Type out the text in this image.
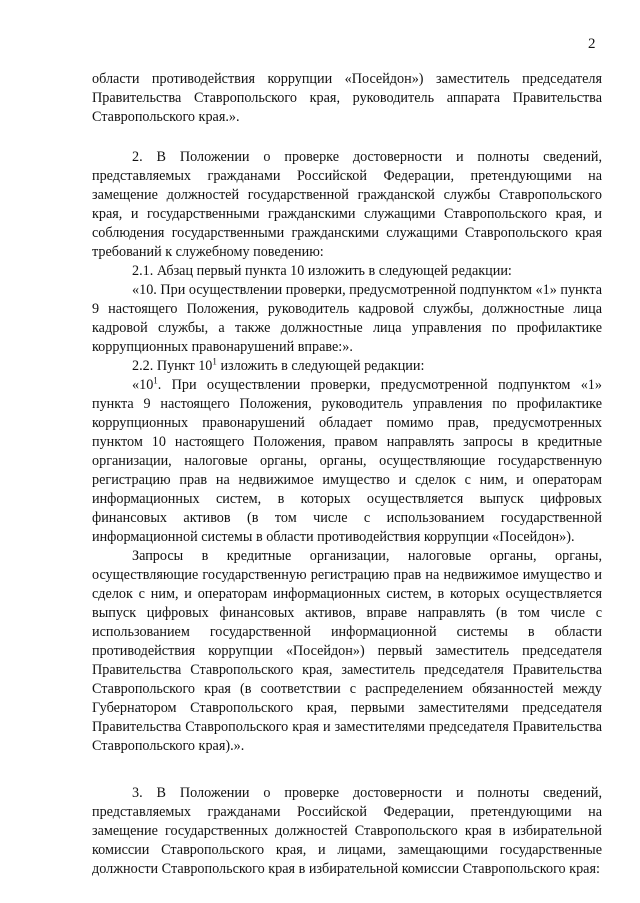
2

области противодействия коррупции «Посейдон») заместитель председателя Правительства Ставропольского края, руководитель аппарата Правительства Ставропольского края.».

2. В Положении о проверке достоверности и полноты сведений, представляемых гражданами Российской Федерации, претендующими на замещение должностей государственной гражданской службы Ставропольского края, и государственными гражданскими служащими Ставропольского края, и соблюдения государственными гражданскими служащими Ставропольского края требований к служебному поведению:

2.1. Абзац первый пункта 10 изложить в следующей редакции:

«10. При осуществлении проверки, предусмотренной подпунктом «1» пункта 9 настоящего Положения, руководитель кадровой службы, должностные лица кадровой службы, а также должностные лица управления по профилактике коррупционных правонарушений вправе:».

2.2. Пункт $10^1$ изложить в следующей редакции:

«$10^1$. При осуществлении проверки, предусмотренной подпунктом «1» пункта 9 настоящего Положения, руководитель управления по профилактике коррупционных правонарушений обладает помимо прав, предусмотренных пунктом 10 настоящего Положения, правом направлять запросы в кредитные организации, налоговые органы, органы, осуществляющие государственную регистрацию прав на недвижимое имущество и сделок с ним, и операторам информационных систем, в которых осуществляется выпуск цифровых финансовых активов (в том числе с использованием государственной информационной системы в области противодействия коррупции «Посейдон»).

Запросы в кредитные организации, налоговые органы, органы, осуществляющие государственную регистрацию прав на недвижимое имущество и сделок с ним, и операторам информационных систем, в которых осуществляется выпуск цифровых финансовых активов, вправе направлять (в том числе с использованием государственной информационной системы в области противодействия коррупции «Посейдон») первый заместитель председателя Правительства Ставропольского края, заместитель председателя Правительства Ставропольского края (в соответствии с распределением обязанностей между Губернатором Ставропольского края, первыми заместителями председателя Правительства Ставропольского края и заместителями председателя Правительства Ставропольского края).».

3. В Положении о проверке достоверности и полноты сведений, представляемых гражданами Российской Федерации, претендующими на замещение государственных должностей Ставропольского края в избирательной комиссии Ставропольского края, и лицами, замещающими государственные должности Ставропольского края в избирательной комиссии Ставропольского края:
